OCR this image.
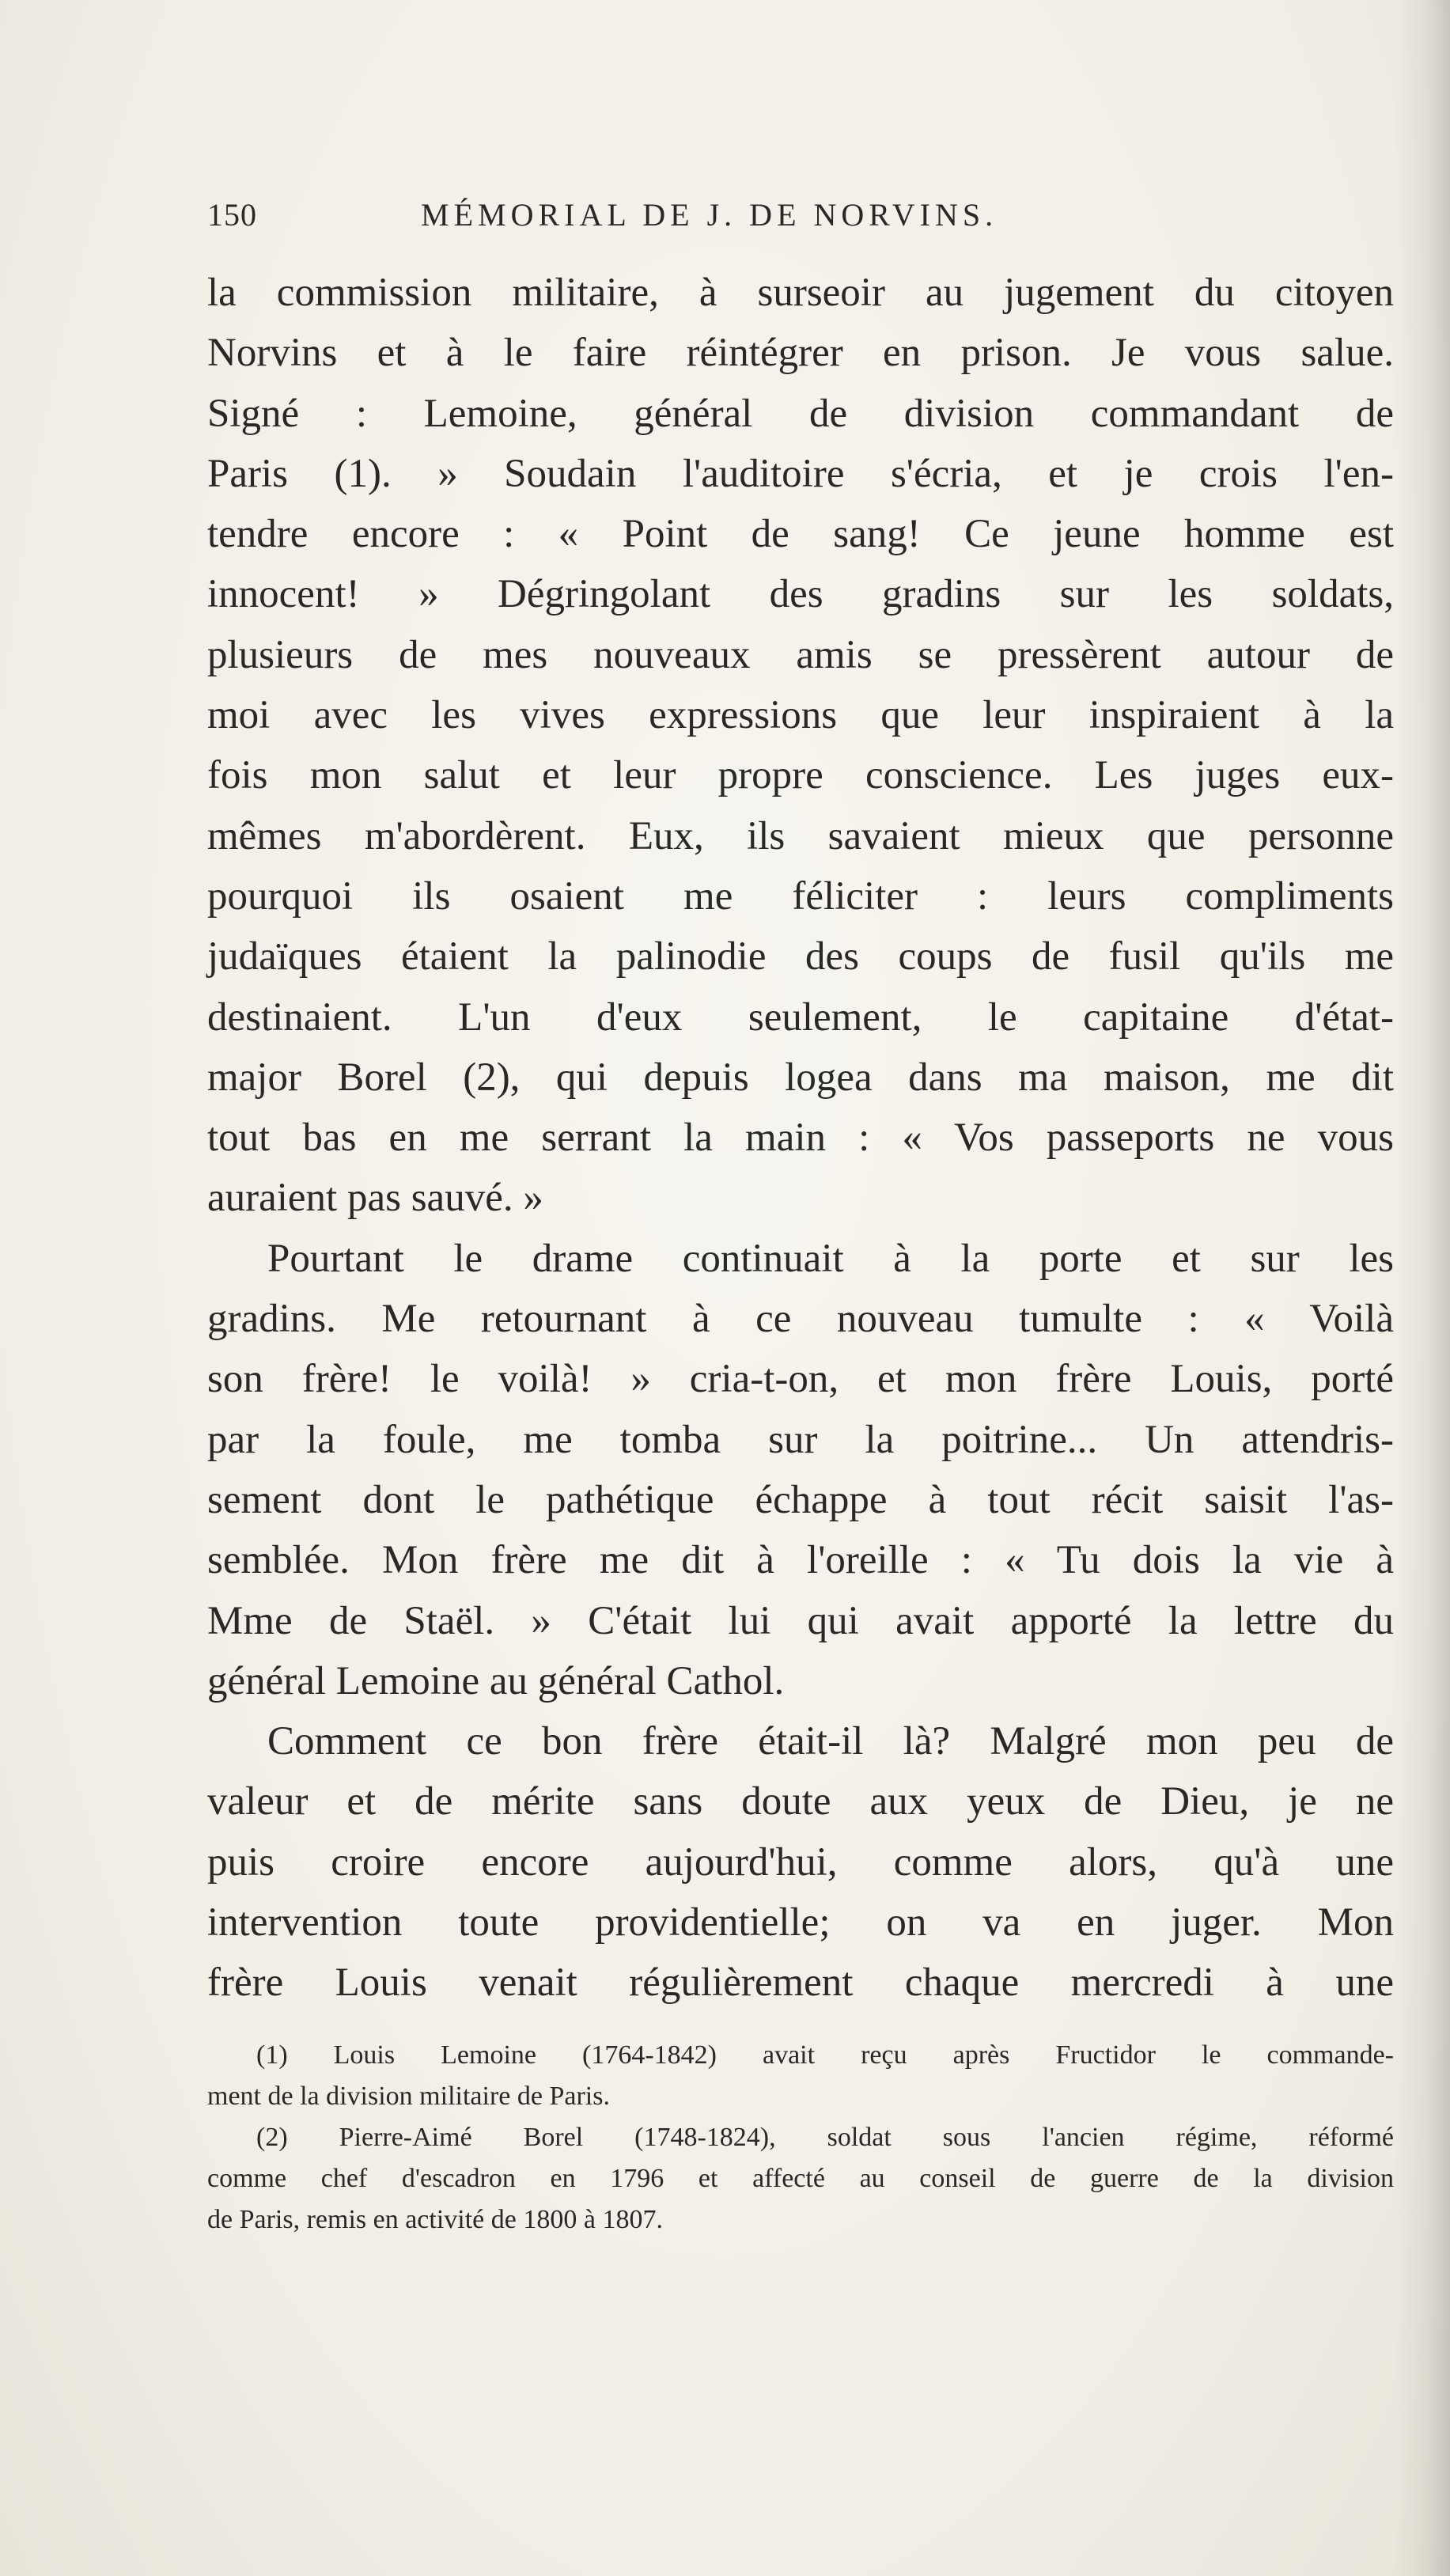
150	MÉMORIAL DE J. DE NORVINS.
la commission militaire, à surseoir au jugement du citoyen
Norvins et à le faire réintégrer en prison. Je vous salue.
Signé : Lemoine, général de division commandant de
Paris (1). » Soudain l'auditoire s'écria, et je crois l'en-
tendre encore : « Point de sang! Ce jeune homme est
innocent! » Dégringolant des gradins sur les soldats,
plusieurs de mes nouveaux amis se pressèrent autour de
moi avec les vives expressions que leur inspiraient à la
fois mon salut et leur propre conscience. Les juges eux-
mêmes m'abordèrent. Eux, ils savaient mieux que personne
pourquoi ils osaient me féliciter : leurs compliments
judaïques étaient la palinodie des coups de fusil qu'ils me
destinaient. L'un d'eux seulement, le capitaine d'état-
major Borel (2), qui depuis logea dans ma maison, me dit
tout bas en me serrant la main : « Vos passeports ne vous
auraient pas sauvé. »
Pourtant le drame continuait à la porte et sur les
gradins. Me retournant à ce nouveau tumulte : « Voilà
son frère! le voilà! » cria-t-on, et mon frère Louis, porté
par la foule, me tomba sur la poitrine... Un attendris-
sement dont le pathétique échappe à tout récit saisit l'as-
semblée. Mon frère me dit à l'oreille : « Tu dois la vie à
Mme de Staël. » C'était lui qui avait apporté la lettre du
général Lemoine au général Cathol.
Comment ce bon frère était-il là? Malgré mon peu de
valeur et de mérite sans doute aux yeux de Dieu, je ne
puis croire encore aujourd'hui, comme alors, qu'à une
intervention toute providentielle; on va en juger. Mon
frère Louis venait régulièrement chaque mercredi à une
(1) Louis Lemoine (1764-1842) avait reçu après Fructidor le commande-
ment de la division militaire de Paris.
(2) Pierre-Aimé Borel (1748-1824), soldat sous l'ancien régime, réformé
comme chef d'escadron en 1796 et affecté au conseil de guerre de la division
de Paris, remis en activité de 1800 à 1807.
